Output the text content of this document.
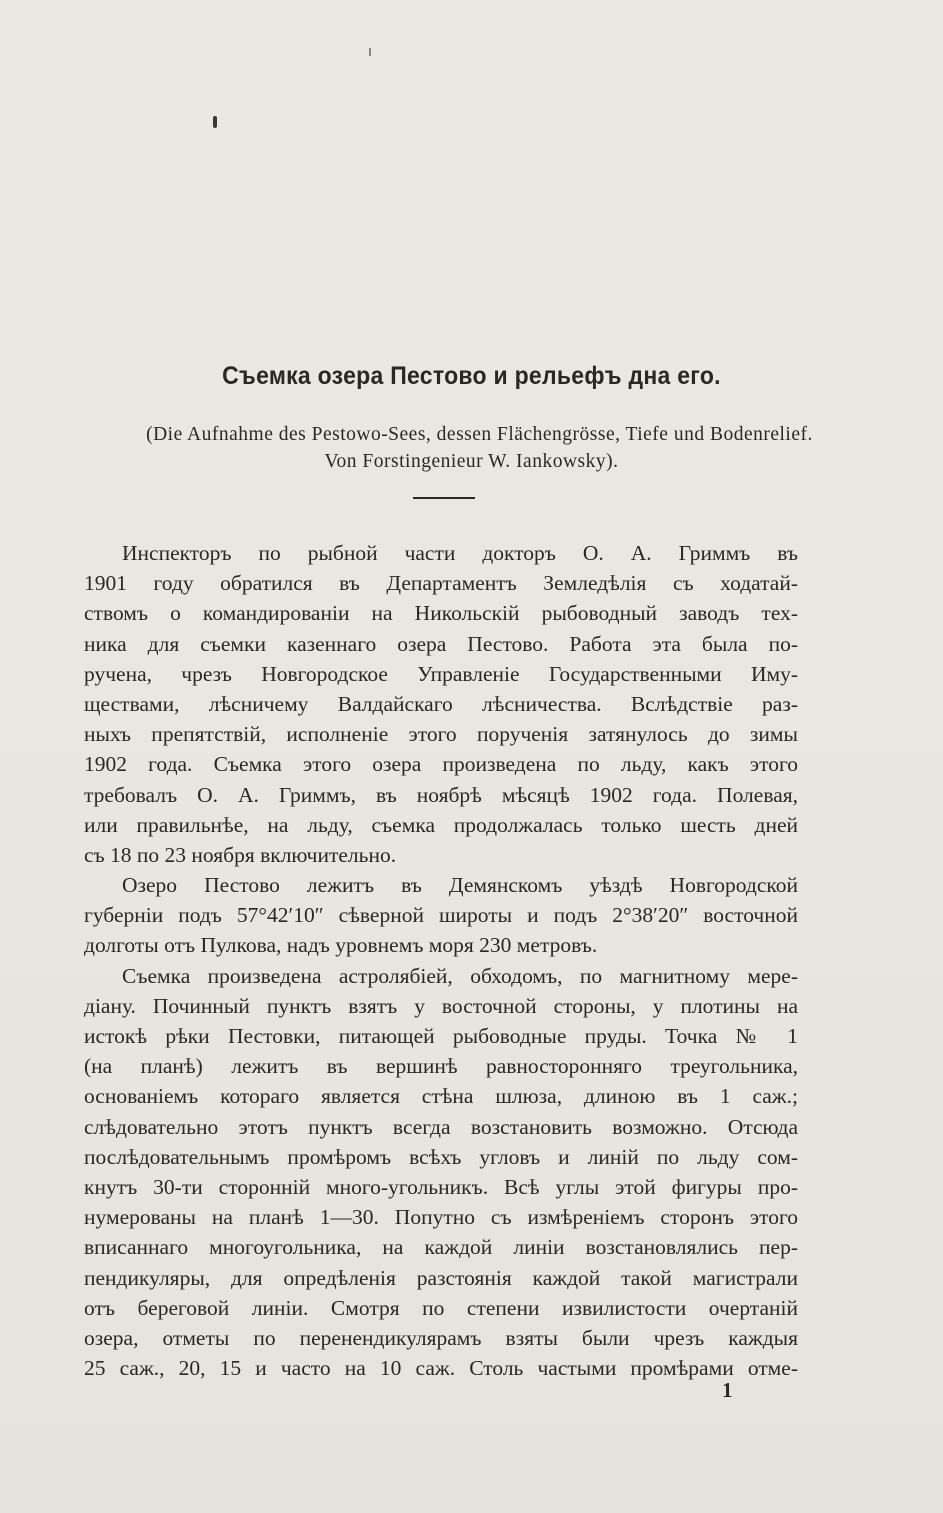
Съемка озера Пестово и рельефъ дна его.

(Die Aufnahme des Pestowo-Sees, dessen Flächengrösse, Tiefe und Bodenrelief.

Von Forstingenieur W. Iankowsky).

Инспекторъ по рыбной части докторъ О. А. Гриммъ въ
1901 году обратился въ Департаментъ Земледѣлія съ ходатай-
ствомъ о командированіи на Никольскій рыбоводный заводъ тех-
ника для съемки казеннаго озера Пестово. Работа эта была по-
ручена, чрезъ Новгородское Управленіе Государственными Иму-
ществами, лѣсничему Валдайскаго лѣсничества. Вслѣдствіе раз-
ныхъ препятствій, исполненіе этого порученія затянулось до зимы
1902 года. Съемка этого озера произведена по льду, какъ этого
требовалъ О. А. Гриммъ, въ ноябрѣ мѣсяцѣ 1902 года. Полевая,
или правильнѣе, на льду, съемка продолжалась только шесть дней
съ 18 по 23 ноября включительно.
Озеро Пестово лежитъ въ Демянскомъ уѣздѣ Новгородской
губерніи подъ 57°42′10″ сѣверной широты и подъ 2°38′20″ восточной
долготы отъ Пулкова, надъ уровнемъ моря 230 метровъ.
Съемка произведена астролябіей, обходомъ, по магнитному мере-
діану. Починный пунктъ взятъ у восточной стороны, у плотины на
истокѣ рѣки Пестовки, питающей рыбоводные пруды. Точка № 1
(на планѣ) лежитъ въ вершинѣ равносторонняго треугольника,
основаніемъ котораго является стѣна шлюза, длиною въ 1 саж.;
слѣдовательно этотъ пунктъ всегда возстановить возможно. Отсюда
послѣдовательнымъ промѣромъ всѣхъ угловъ и линій по льду сом-
кнутъ 30-ти сторонній много-угольникъ. Всѣ углы этой фигуры про-
нумерованы на планѣ 1—30. Попутно съ измѣреніемъ сторонъ этого
вписаннаго многоугольника, на каждой линіи возстановлялись пер-
пендикуляры, для опредѣленія разстоянія каждой такой магистрали
отъ береговой линіи. Смотря по степени извилистости очертаній
озера, отметы по перенендикулярамъ взяты были чрезъ каждыя
25 саж., 20, 15 и часто на 10 саж. Столь частыми промѣрами отме-

1
